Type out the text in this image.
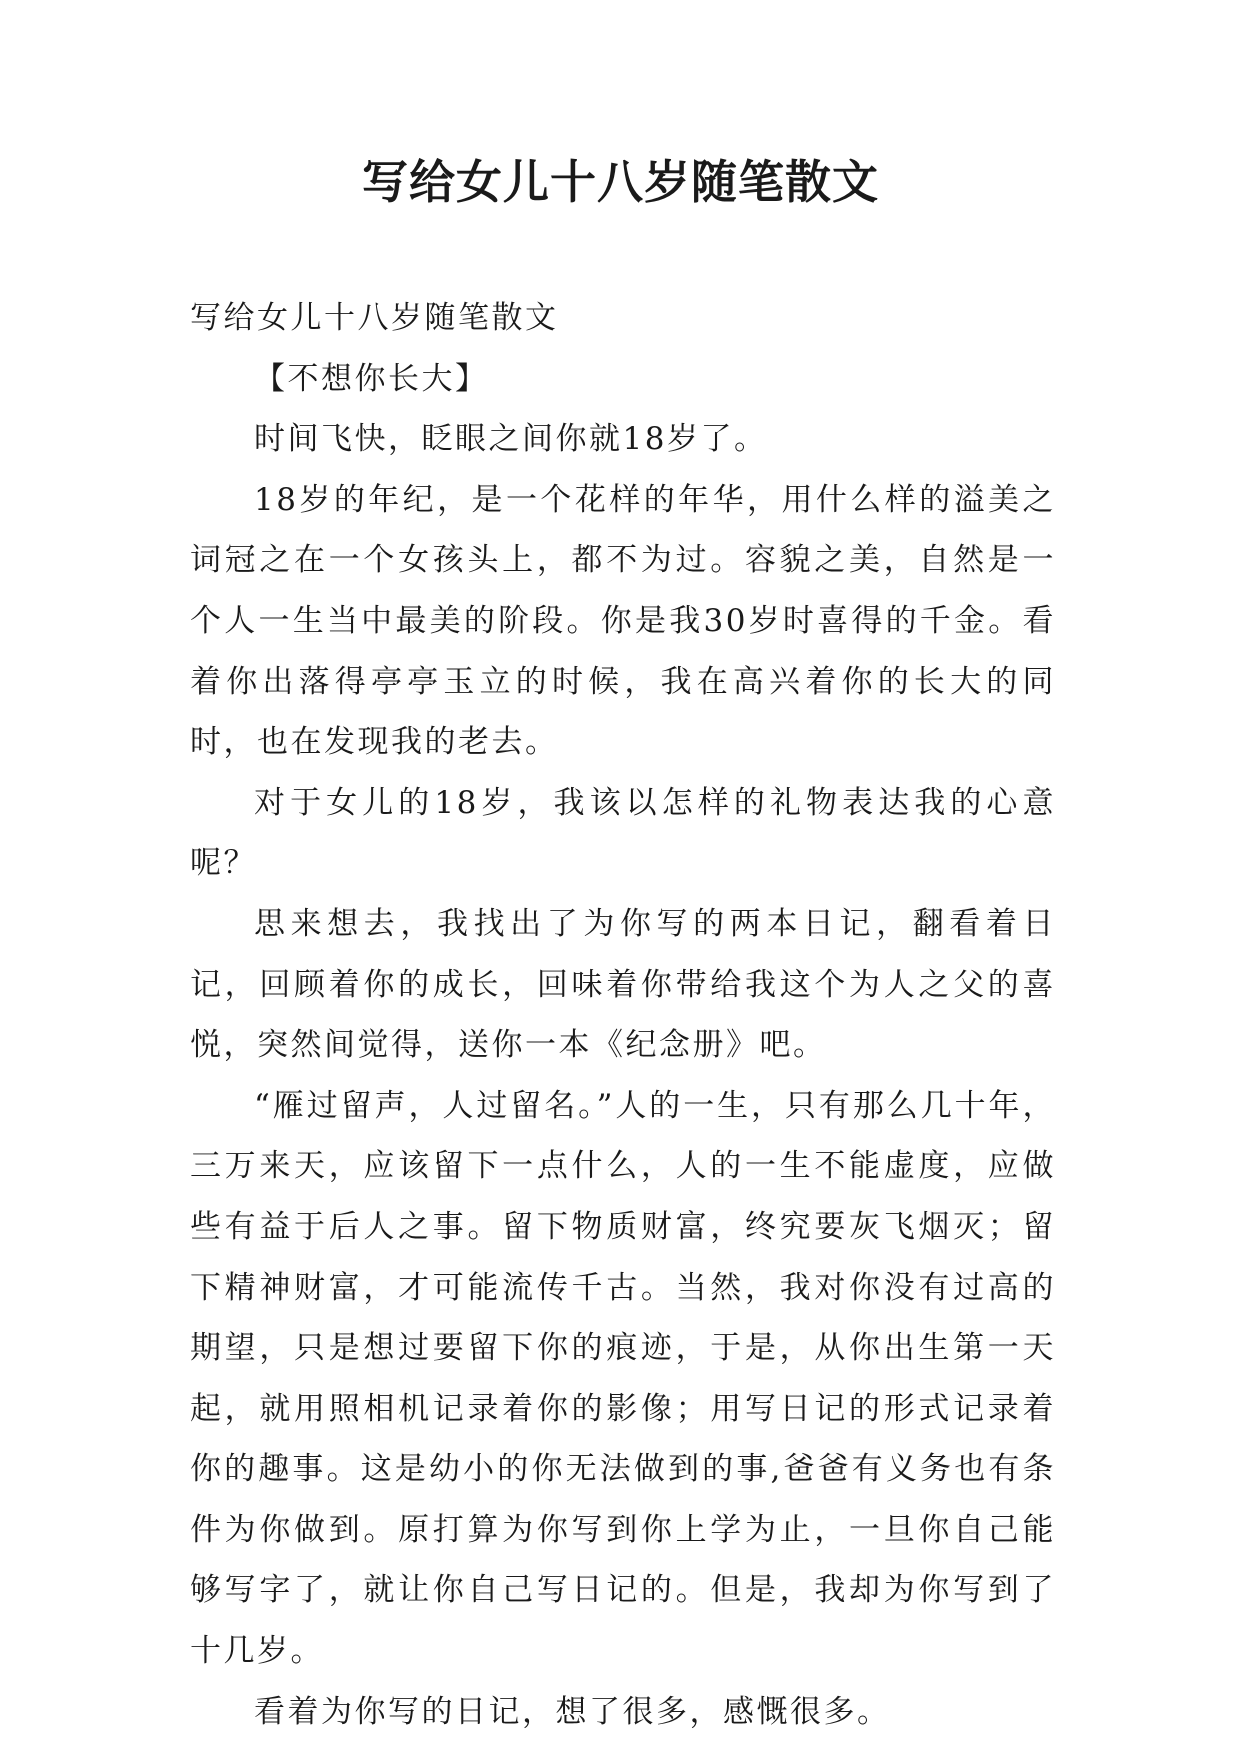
写给女儿十八岁随笔散文

写给女儿十八岁随笔散文

【不想你长大】

时间飞快，眨眼之间你就18岁了。

18岁的年纪，是一个花样的年华，用什么样的溢美之词冠之在一个女孩头上，都不为过。容貌之美，自然是一个人一生当中最美的阶段。你是我30岁时喜得的千金。看着你出落得亭亭玉立的时候，我在高兴着你的长大的同时，也在发现我的老去。

对于女儿的18岁，我该以怎样的礼物表达我的心意呢？

思来想去，我找出了为你写的两本日记，翻看着日记，回顾着你的成长，回味着你带给我这个为人之父的喜悦，突然间觉得，送你一本《纪念册》吧。

“雁过留声，人过留名。”人的一生，只有那么几十年，三万来天，应该留下一点什么，人的一生不能虚度，应做些有益于后人之事。留下物质财富，终究要灰飞烟灭；留下精神财富，才可能流传千古。当然，我对你没有过高的期望，只是想过要留下你的痕迹，于是，从你出生第一天起，就用照相机记录着你的影像；用写日记的形式记录着你的趣事。这是幼小的你无法做到的事,爸爸有义务也有条件为你做到。原打算为你写到你上学为止，一旦你自己能够写字了，就让你自己写日记的。但是，我却为你写到了十几岁。

看着为你写的日记，想了很多，感慨很多。
